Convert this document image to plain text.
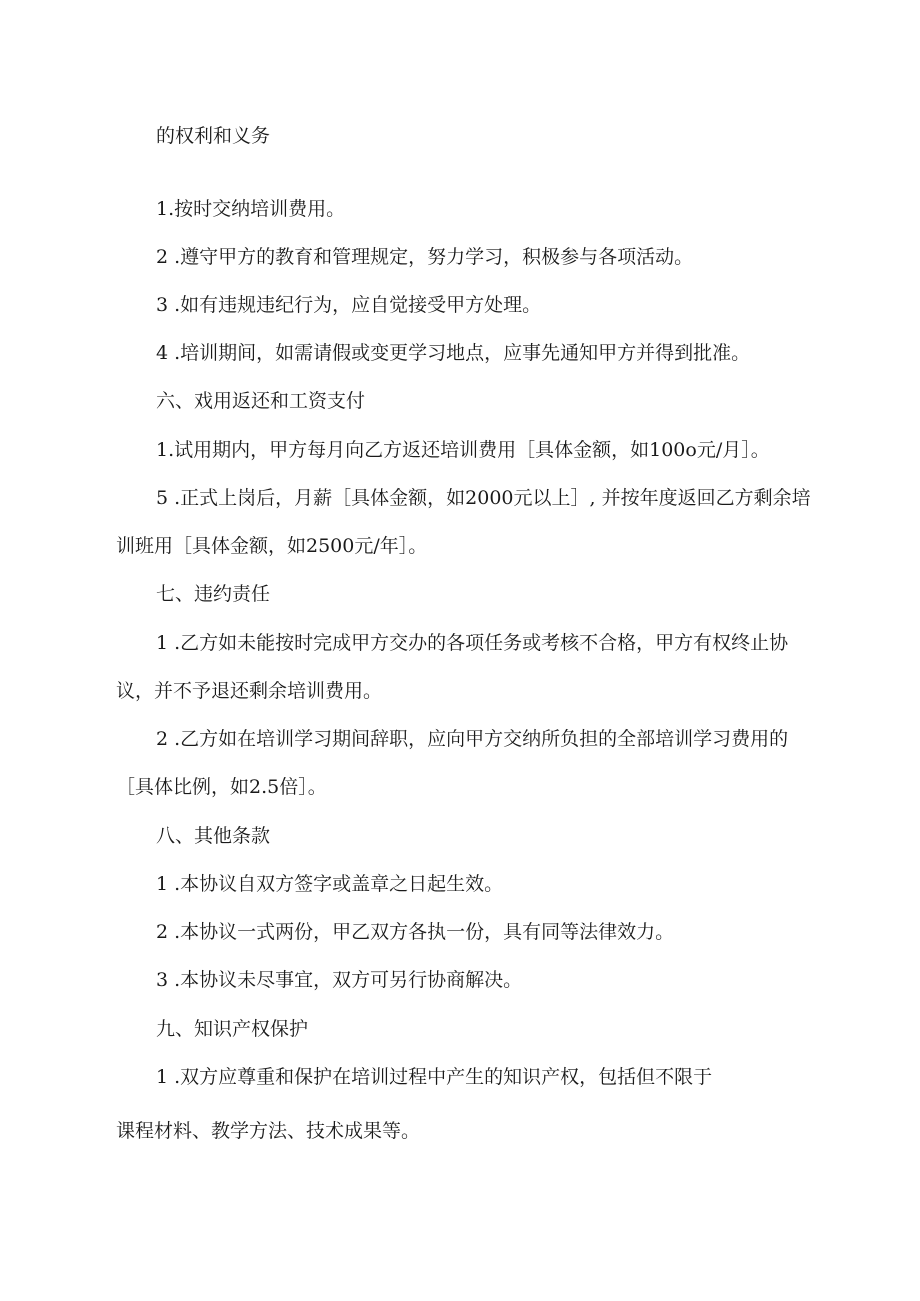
的权利和义务
1.按时交纳培训费用。
2 .遵守甲方的教育和管理规定，努力学习，积极参与各项活动。
3 .如有违规违纪行为，应自觉接受甲方处理。
4 .培训期间，如需请假或变更学习地点，应事先通知甲方并得到批准。
六、戏用返还和工资支付
1.试用期内，甲方每月向乙方返还培训费用［具体金额，如100o元/月］。
5 .正式上岗后，月薪［具体金额，如2000元以上］, 并按年度返回乙方剩余培
训班用［具体金额，如2500元/年］。
七、违约责任
1 .乙方如未能按时完成甲方交办的各项任务或考核不合格，甲方有权终止协
议，并不予退还剩余培训费用。
2 .乙方如在培训学习期间辞职，应向甲方交纳所负担的全部培训学习费用的
［具体比例，如2.5倍］。
八、其他条款
1 .本协议自双方签字或盖章之日起生效。
2 .本协议一式两份，甲乙双方各执一份，具有同等法律效力。
3 .本协议未尽事宜，双方可另行协商解决。
九、知识产权保护
1 .双方应尊重和保护在培训过程中产生的知识产权，包括但不限于
课程材料、教学方法、技术成果等。
